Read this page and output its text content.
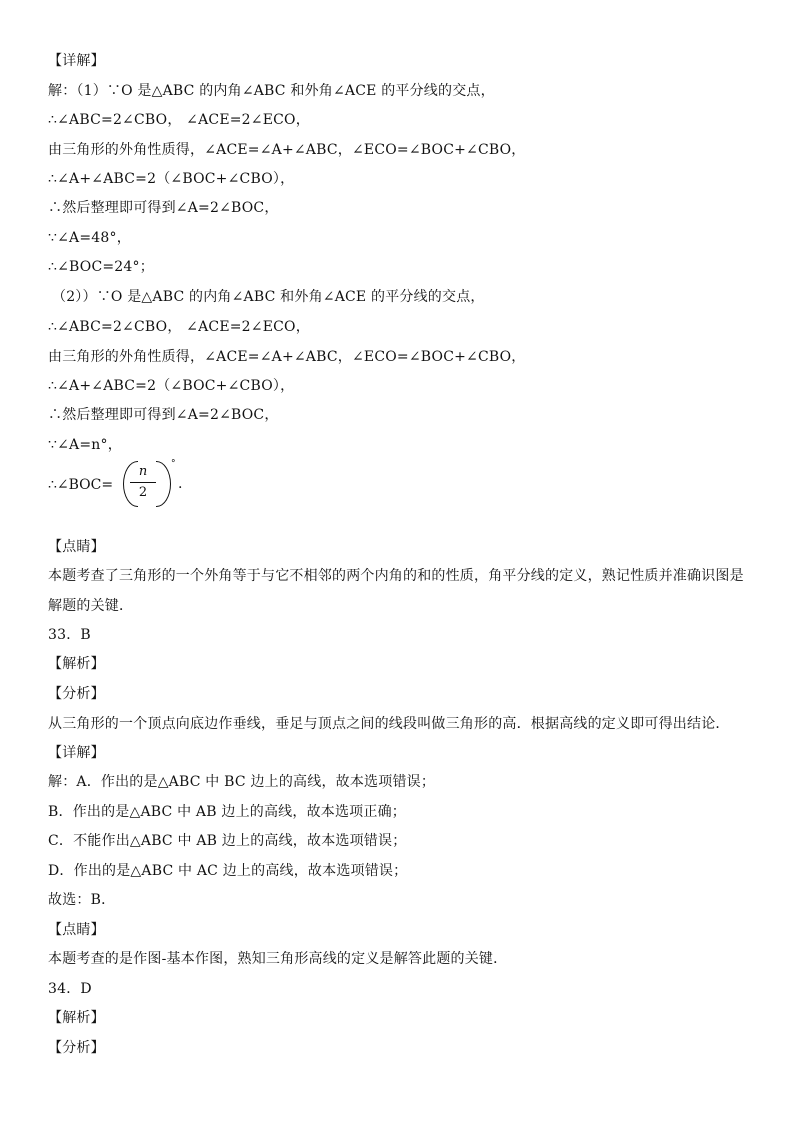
【详解】
解：（1）∵O 是△ABC 的内角∠ABC 和外角∠ACE 的平分线的交点，
∴∠ABC=2∠CBO， ∠ACE=2∠ECO，
由三角形的外角性质得，∠ACE=∠A+∠ABC，∠ECO=∠BOC+∠CBO，
∴∠A+∠ABC=2（∠BOC+∠CBO），
∴然后整理即可得到∠A=2∠BOC，
∵∠A=48°，
∴∠BOC=24°；
（2））∵O 是△ABC 的内角∠ABC 和外角∠ACE 的平分线的交点，
∴∠ABC=2∠CBO， ∠ACE=2∠ECO，
由三角形的外角性质得，∠ACE=∠A+∠ABC，∠ECO=∠BOC+∠CBO，
∴∠A+∠ABC=2（∠BOC+∠CBO），
∴然后整理即可得到∠A=2∠BOC，
∵∠A=n°，
∴∠BOC= $\frac{n}{2}$ °
.
【点睛】
本题考查了三角形的一个外角等于与它不相邻的两个内角的和的性质，角平分线的定义，熟记性质并准确识图是
解题的关键．
33．B
【解析】
【分析】
从三角形的一个顶点向底边作垂线，垂足与顶点之间的线段叫做三角形的高．根据高线的定义即可得出结论．
【详解】
解：A．作出的是△ABC 中 BC 边上的高线，故本选项错误；
B．作出的是△ABC 中 AB 边上的高线，故本选项正确；
C．不能作出△ABC 中 AB 边上的高线，故本选项错误；
D．作出的是△ABC 中 AC 边上的高线，故本选项错误；
故选：B．
【点睛】
本题考查的是作图-基本作图，熟知三角形高线的定义是解答此题的关键．
34．D
【解析】
【分析】
